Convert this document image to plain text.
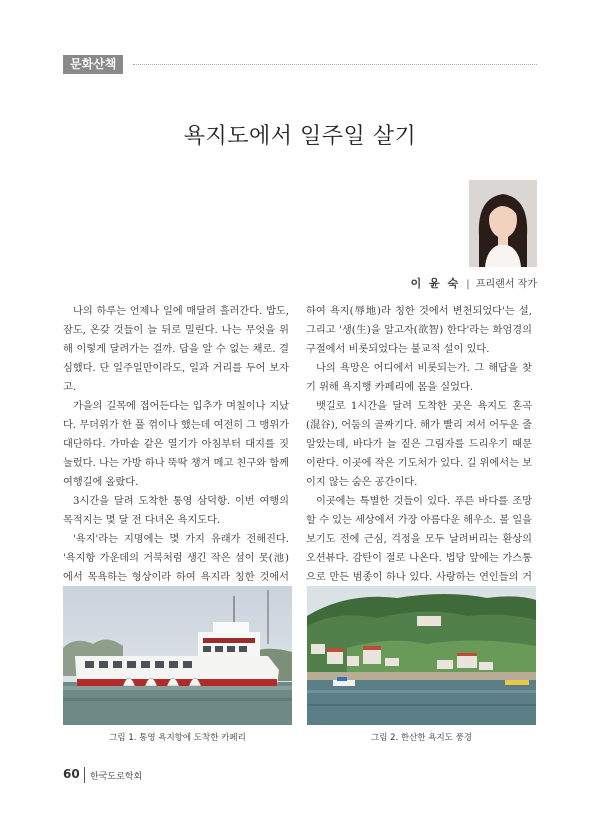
문화산책
욕지도에서 일주일 살기
이 윤 숙 | 프리랜서 작가

나의 하루는 언제나 일에 매달려 흘러간다. 밥도, 잠도, 온갖 것들이 늘 뒤로 밀린다. 나는 무엇을 위해 이렇게 달려가는 걸까. 답을 알 수 없는 채로. 결심했다. 단 일주일만이라도, 일과 거리를 두어 보자고.

가을의 길목에 접어든다는 입추가 며칠이나 지났다. 무더위가 한 풀 꺾이나 했는데 여전히 그 맹위가 대단하다. 가마솥 같은 열기가 아침부터 대지를 짓눌렀다. 나는 가방 하나 뚝딱 챙겨 메고 친구와 함께 여행길에 올랐다.

3시간을 달려 도착한 통영 삼덕항. 이번 여행의 목적지는 몇 달 전 다녀온 욕지도다.

'욕지'라는 지명에는 몇 가지 유래가 전해진다. '욕지항 가운데의 거북처럼 생긴 작은 섬이 못(池)에서 목욕하는 형상이라 하여 욕지라 칭한 것에서

하여 욕지(辱地)라 칭한 것에서 변천되었다'는 설, 그리고 '생(生)을 알고자(欲智) 한다'라는 화엄경의 구절에서 비롯되었다는 불교적 설이 있다.

나의 욕망은 어디에서 비롯되는가. 그 해답을 찾기 위해 욕지행 카페리에 몸을 실었다.

뱃길로 1시간을 달려 도착한 곳은 욕지도 혼곡(混谷), 어둠의 골짜기다. 해가 빨리 져서 어두운 줄 알았는데, 바다가 늘 짙은 그림자를 드리우기 때문이란다. 이곳에 작은 기도처가 있다. 길 위에서는 보이지 않는 숨은 공간이다.

이곳에는 특별한 것들이 있다. 푸른 바다를 조망할 수 있는 세상에서 가장 아름다운 해우소. 볼 일을 보기도 전에 근심, 걱정을 모두 날려버리는 환상의 오션뷰다. 감탄이 절로 나온다. 법당 앞에는 가스통으로 만든 범종이 하나 있다. 사랑하는 연인들의 거

그림 1. 통영 욕지항에 도착한 카페리	그림 2. 한산한 욕지도 풍경
60 한국도로학회
